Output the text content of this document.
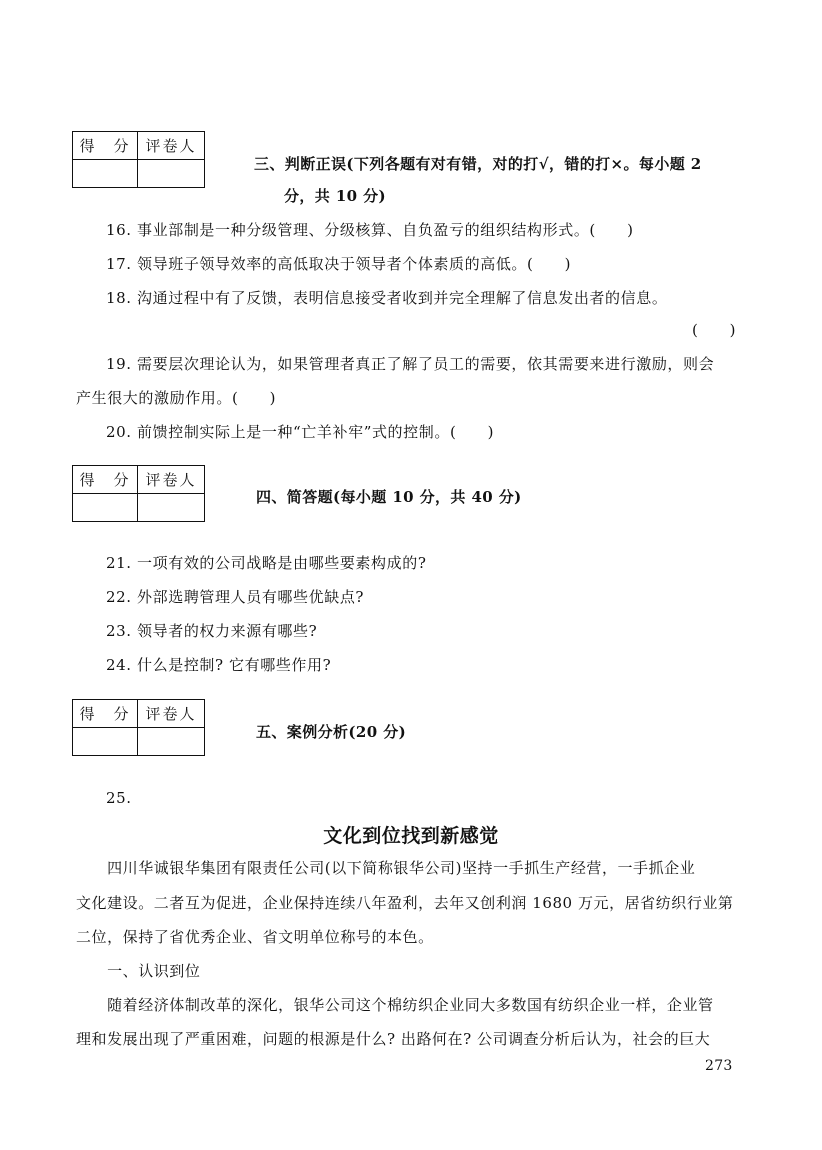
得　分	评卷人

三、判断正误(下列各题有对有错，对的打√，错的打×。每小题 2
分，共 10 分)
16. 事业部制是一种分级管理、分级核算、自负盈亏的组织结构形式。(　　)
17. 领导班子领导效率的高低取决于领导者个体素质的高低。(　　)
18. 沟通过程中有了反馈，表明信息接受者收到并完全理解了信息发出者的信息。
(　　)
19. 需要层次理论认为，如果管理者真正了解了员工的需要，依其需要来进行激励，则会
产生很大的激励作用。(　　)
20. 前馈控制实际上是一种“亡羊补牢”式的控制。(　　)
得　分	评卷人

四、简答题(每小题 10 分，共 40 分)
21. 一项有效的公司战略是由哪些要素构成的?
22. 外部选聘管理人员有哪些优缺点?
23. 领导者的权力来源有哪些?
24. 什么是控制? 它有哪些作用?
得　分	评卷人

五、案例分析(20 分)
25.
文化到位找到新感觉
　　四川华诚银华集团有限责任公司(以下简称银华公司)坚持一手抓生产经营，一手抓企业
文化建设。二者互为促进，企业保持连续八年盈利，去年又创利润 1680 万元，居省纺织行业第
二位，保持了省优秀企业、省文明单位称号的本色。
　　一、认识到位
　　随着经济体制改革的深化，银华公司这个棉纺织企业同大多数国有纺织企业一样，企业管
理和发展出现了严重困难，问题的根源是什么? 出路何在? 公司调查分析后认为，社会的巨大
273
